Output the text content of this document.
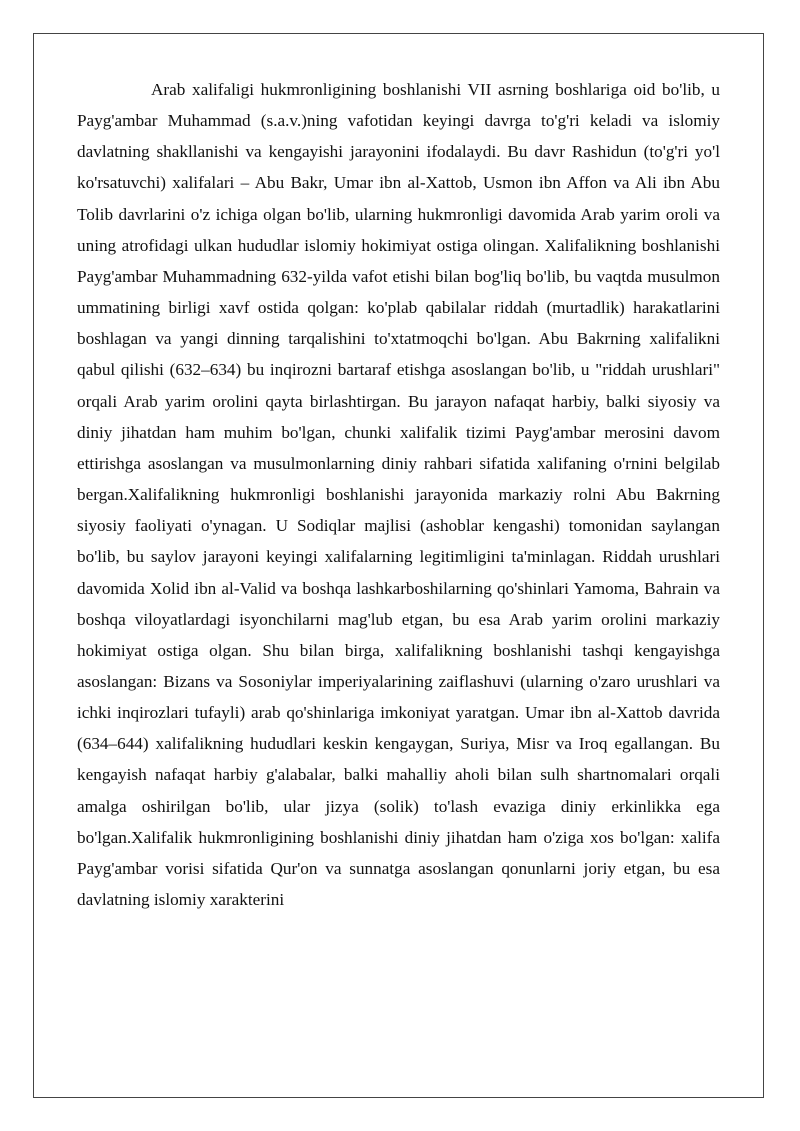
Arab xalifaligi hukmronligining boshlanishi VII asrning boshlariga oid bo'lib, u Payg'ambar Muhammad (s.a.v.)ning vafotidan keyingi davrga to'g'ri keladi va islomiy davlatning shakllanishi va kengayishi jarayonini ifodalaydi. Bu davr Rashidun (to'g'ri yo'l ko'rsatuvchi) xalifalari – Abu Bakr, Umar ibn al-Xattob, Usmon ibn Affon va Ali ibn Abu Tolib davrlarini o'z ichiga olgan bo'lib, ularning hukmronligi davomida Arab yarim oroli va uning atrofidagi ulkan hududlar islomiy hokimiyat ostiga olingan. Xalifalikning boshlanishi Payg'ambar Muhammadning 632-yilda vafot etishi bilan bog'liq bo'lib, bu vaqtda musulmon ummatining birligi xavf ostida qolgan: ko'plab qabilalar riddah (murtadlik) harakatlarini boshlagan va yangi dinning tarqalishini to'xtatmoqchi bo'lgan. Abu Bakrning xalifalikni qabul qilishi (632–634) bu inqirozni bartaraf etishga asoslangan bo'lib, u "riddah urushlari" orqali Arab yarim orolini qayta birlashtirgan. Bu jarayon nafaqat harbiy, balki siyosiy va diniy jihatdan ham muhim bo'lgan, chunki xalifalik tizimi Payg'ambar merosini davom ettirishga asoslangan va musulmonlarning diniy rahbari sifatida xalifaning o'rnini belgilab bergan.Xalifalikning hukmronligi boshlanishi jarayonida markaziy rolni Abu Bakrning siyosiy faoliyati o'ynagan. U Sodiqlar majlisi (ashoblar kengashi) tomonidan saylangan bo'lib, bu saylov jarayoni keyingi xalifalarning legitimligini ta'minlagan. Riddah urushlari davomida Xolid ibn al-Valid va boshqa lashkarboshilarning qo'shinlari Yamoma, Bahrain va boshqa viloyatlardagi isyonchilarni mag'lub etgan, bu esa Arab yarim orolini markaziy hokimiyat ostiga olgan. Shu bilan birga, xalifalikning boshlanishi tashqi kengayishga asoslangan: Bizans va Sosoniylar imperiyalarining zaiflashuvi (ularning o'zaro urushlari va ichki inqirozlari tufayli) arab qo'shinlariga imkoniyat yaratgan. Umar ibn al-Xattob davrida (634–644) xalifalikning hududlari keskin kengaygan, Suriya, Misr va Iroq egallangan. Bu kengayish nafaqat harbiy g'alabalar, balki mahalliy aholi bilan sulh shartnomalari orqali amalga oshirilgan bo'lib, ular jizya (solik) to'lash evaziga diniy erkinlikka ega bo'lgan.Xalifalik hukmronligining boshlanishi diniy jihatdan ham o'ziga xos bo'lgan: xalifa Payg'ambar vorisi sifatida Qur'on va sunnatga asoslangan qonunlarni joriy etgan, bu esa davlatning islomiy xarakterini
